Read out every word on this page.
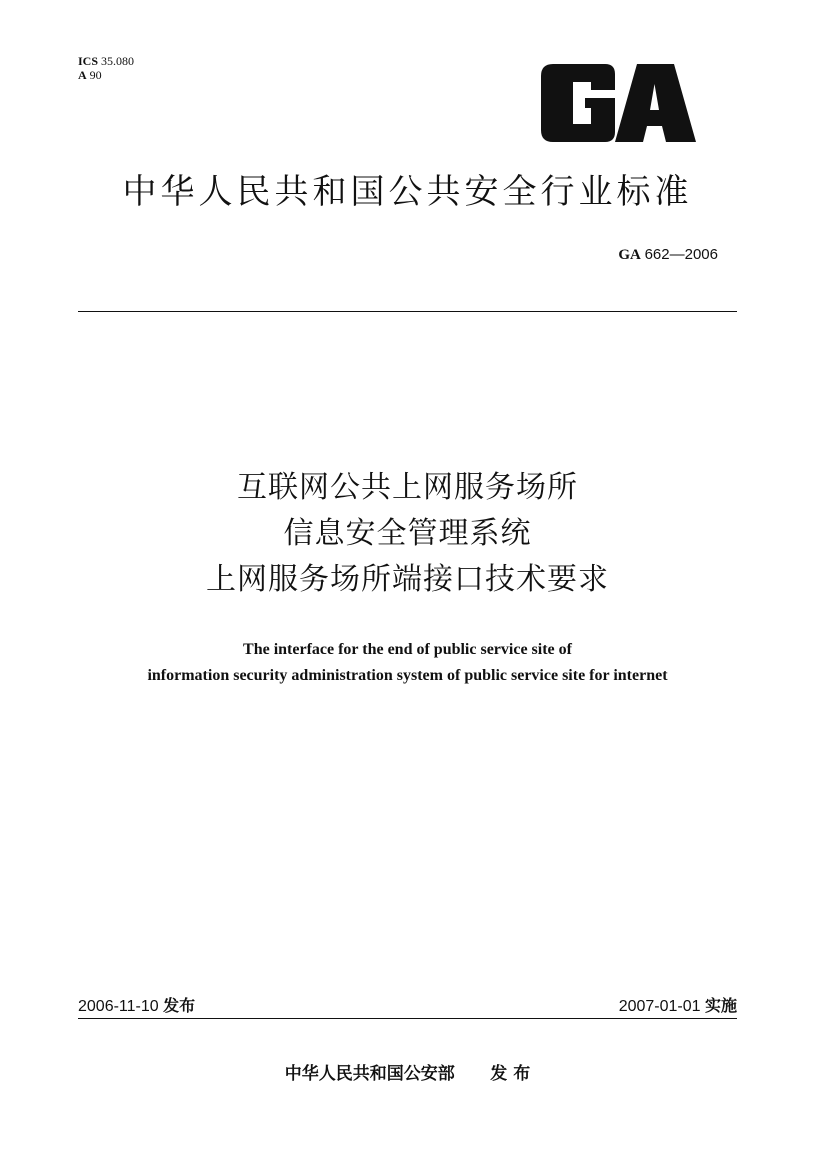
ICS 35.080
A 90
GA
中华人民共和国公共安全行业标准
GA 662—2006
互联网公共上网服务场所
信息安全管理系统
上网服务场所端接口技术要求
The interface for the end of public service site of
information security administration system of public service site for internet
2006-11-10 发布	2007-01-01 实施
中华人民共和国公安部 发 布
